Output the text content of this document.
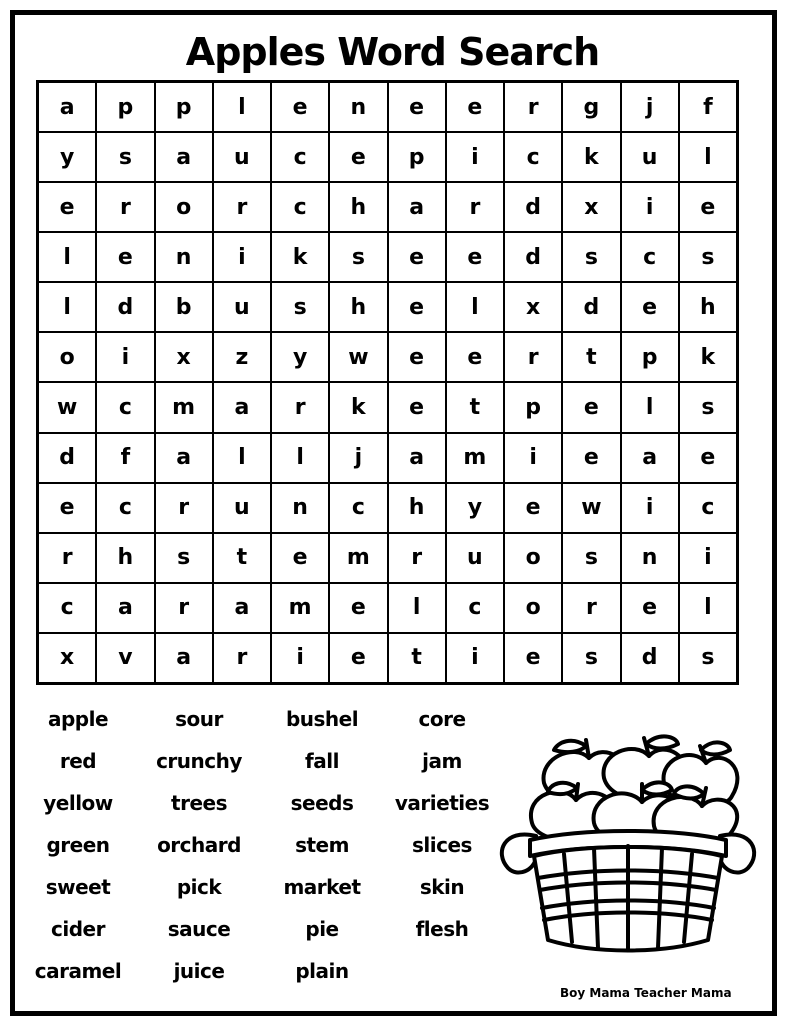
Apples Word Search
a	p	p	l	e	n	e	e	r	g	j	f
y	s	a	u	c	e	p	i	c	k	u	l
e	r	o	r	c	h	a	r	d	x	i	e
l	e	n	i	k	s	e	e	d	s	c	s
l	d	b	u	s	h	e	l	x	d	e	h
o	i	x	z	y	w	e	e	r	t	p	k
w	c	m	a	r	k	e	t	p	e	l	s
d	f	a	l	l	j	a	m	i	e	a	e
e	c	r	u	n	c	h	y	e	w	i	c
r	h	s	t	e	m	r	u	o	s	n	i
c	a	r	a	m	e	l	c	o	r	e	l
x	v	a	r	i	e	t	i	e	s	d	s
apple	sour	bushel	core
red	crunchy	fall	jam
yellow	trees	seeds	varieties
green	orchard	stem	slices
sweet	pick	market	skin
cider	sauce	pie	flesh
caramel	juice	plain
Boy Mama Teacher Mama
